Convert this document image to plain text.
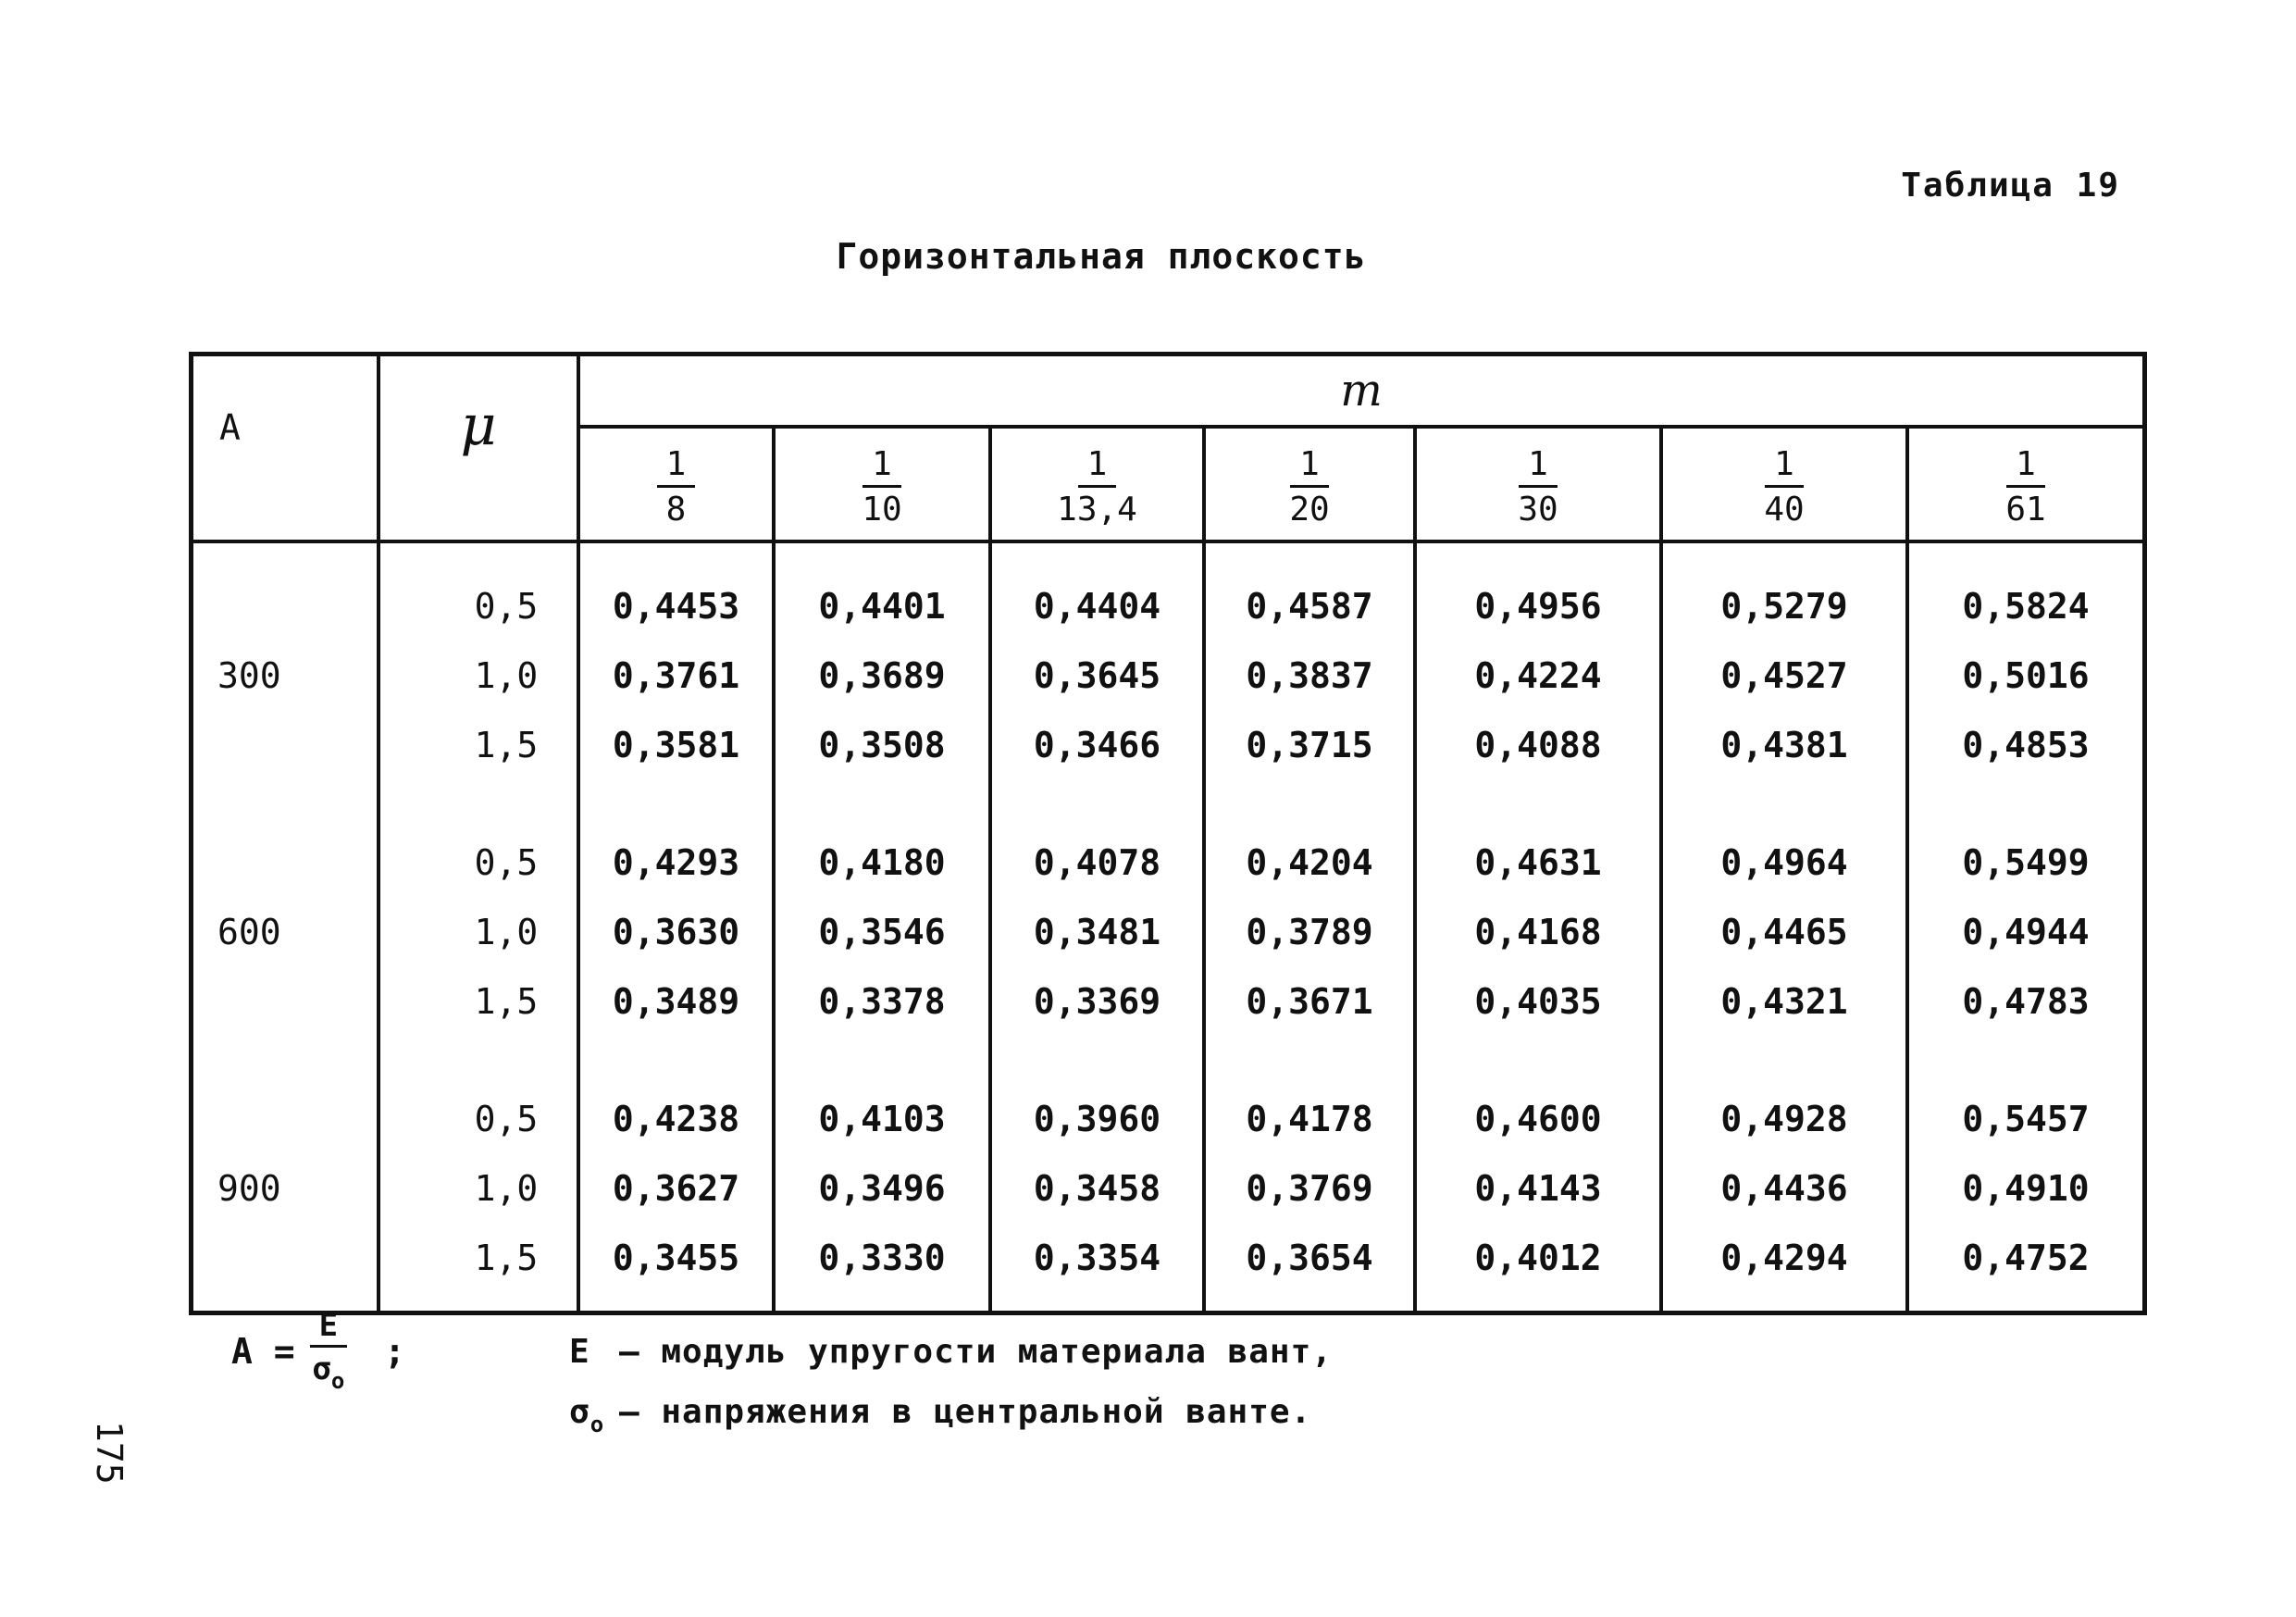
Таблица 19
Горизонтальная плоскость
A	μ	m						

		$\frac{1}{8}$	$\frac{1}{10}$	$\frac{1}{13,4}$	$\frac{1}{20}$	$\frac{1}{30}$	$\frac{1}{40}$	$\frac{1}{61}$

	0,5	0,4453	0,4401	0,4404	0,4587	0,4956	0,5279	0,5824
300	1,0	0,3761	0,3689	0,3645	0,3837	0,4224	0,4527	0,5016
	1,5	0,3581	0,3508	0,3466	0,3715	0,4088	0,4381	0,4853

	0,5	0,4293	0,4180	0,4078	0,4204	0,4631	0,4964	0,5499
600	1,0	0,3630	0,3546	0,3481	0,3789	0,4168	0,4465	0,4944
	1,5	0,3489	0,3378	0,3369	0,3671	0,4035	0,4321	0,4783

	0,5	0,4238	0,4103	0,3960	0,4178	0,4600	0,4928	0,5457
900	1,0	0,3627	0,3496	0,3458	0,3769	0,4143	0,4436	0,4910
	1,5	0,3455	0,3330	0,3354	0,3654	0,4012	0,4294	0,4752
$A = \frac{E}{\sigma_o}$ ;	E – модуль упругости материала вант,
$\sigma_o$ – напряжения в центральной ванте.
175
